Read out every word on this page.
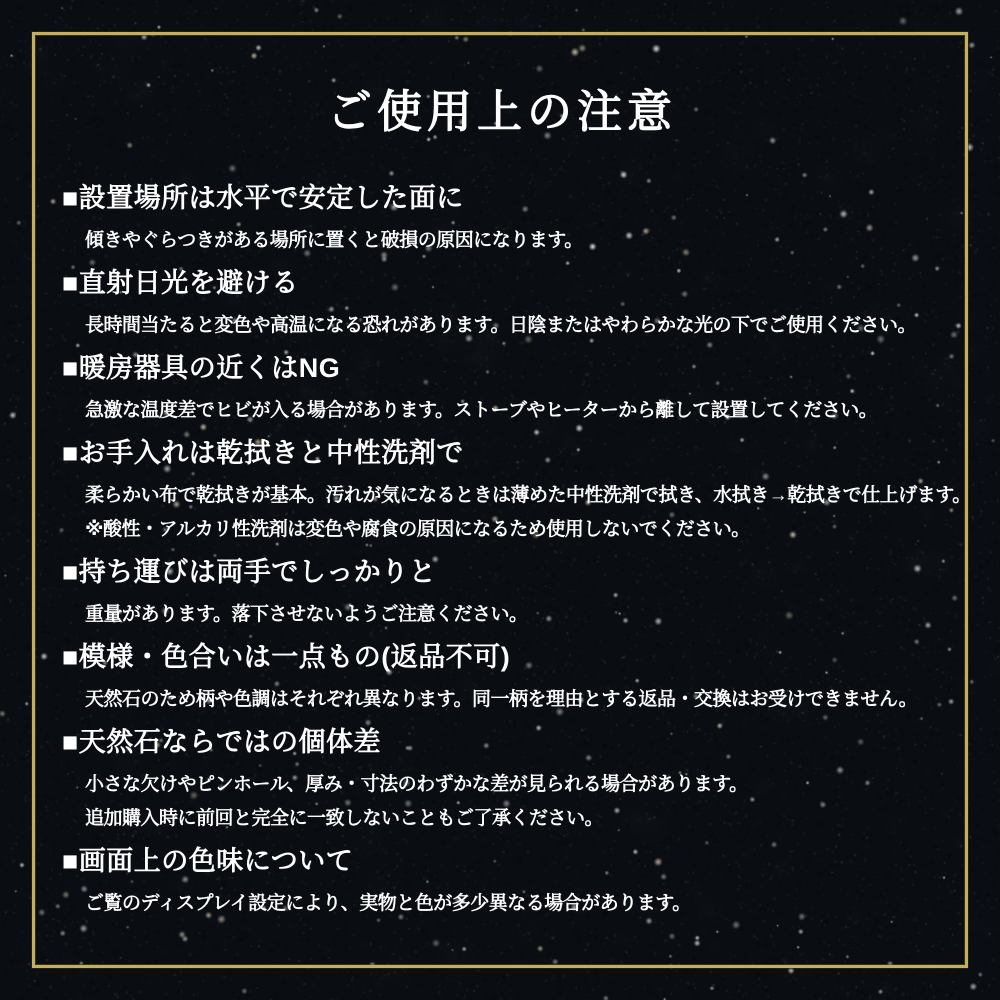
ご使用上の注意
■設置場所は水平で安定した面に

傾きやぐらつきがある場所に置くと破損の原因になります。

■直射日光を避ける

長時間当たると変色や高温になる恐れがあります。日陰またはやわらかな光の下でご使用ください。

■暖房器具の近くはNG

急激な温度差でヒビが入る場合があります。ストーブやヒーターから離して設置してください。

■お手入れは乾拭きと中性洗剤で

柔らかい布で乾拭きが基本。汚れが気になるときは薄めた中性洗剤で拭き、水拭き→乾拭きで仕上げます。

※酸性・アルカリ性洗剤は変色や腐食の原因になるため使用しないでください。

■持ち運びは両手でしっかりと

重量があります。落下させないようご注意ください。

■模様・色合いは一点もの(返品不可)

天然石のため柄や色調はそれぞれ異なります。同一柄を理由とする返品・交換はお受けできません。

■天然石ならではの個体差

小さな欠けやピンホール、厚み・寸法のわずかな差が見られる場合があります。

追加購入時に前回と完全に一致しないこともご了承ください。

■画面上の色味について

ご覧のディスプレイ設定により、実物と色が多少異なる場合があります。
